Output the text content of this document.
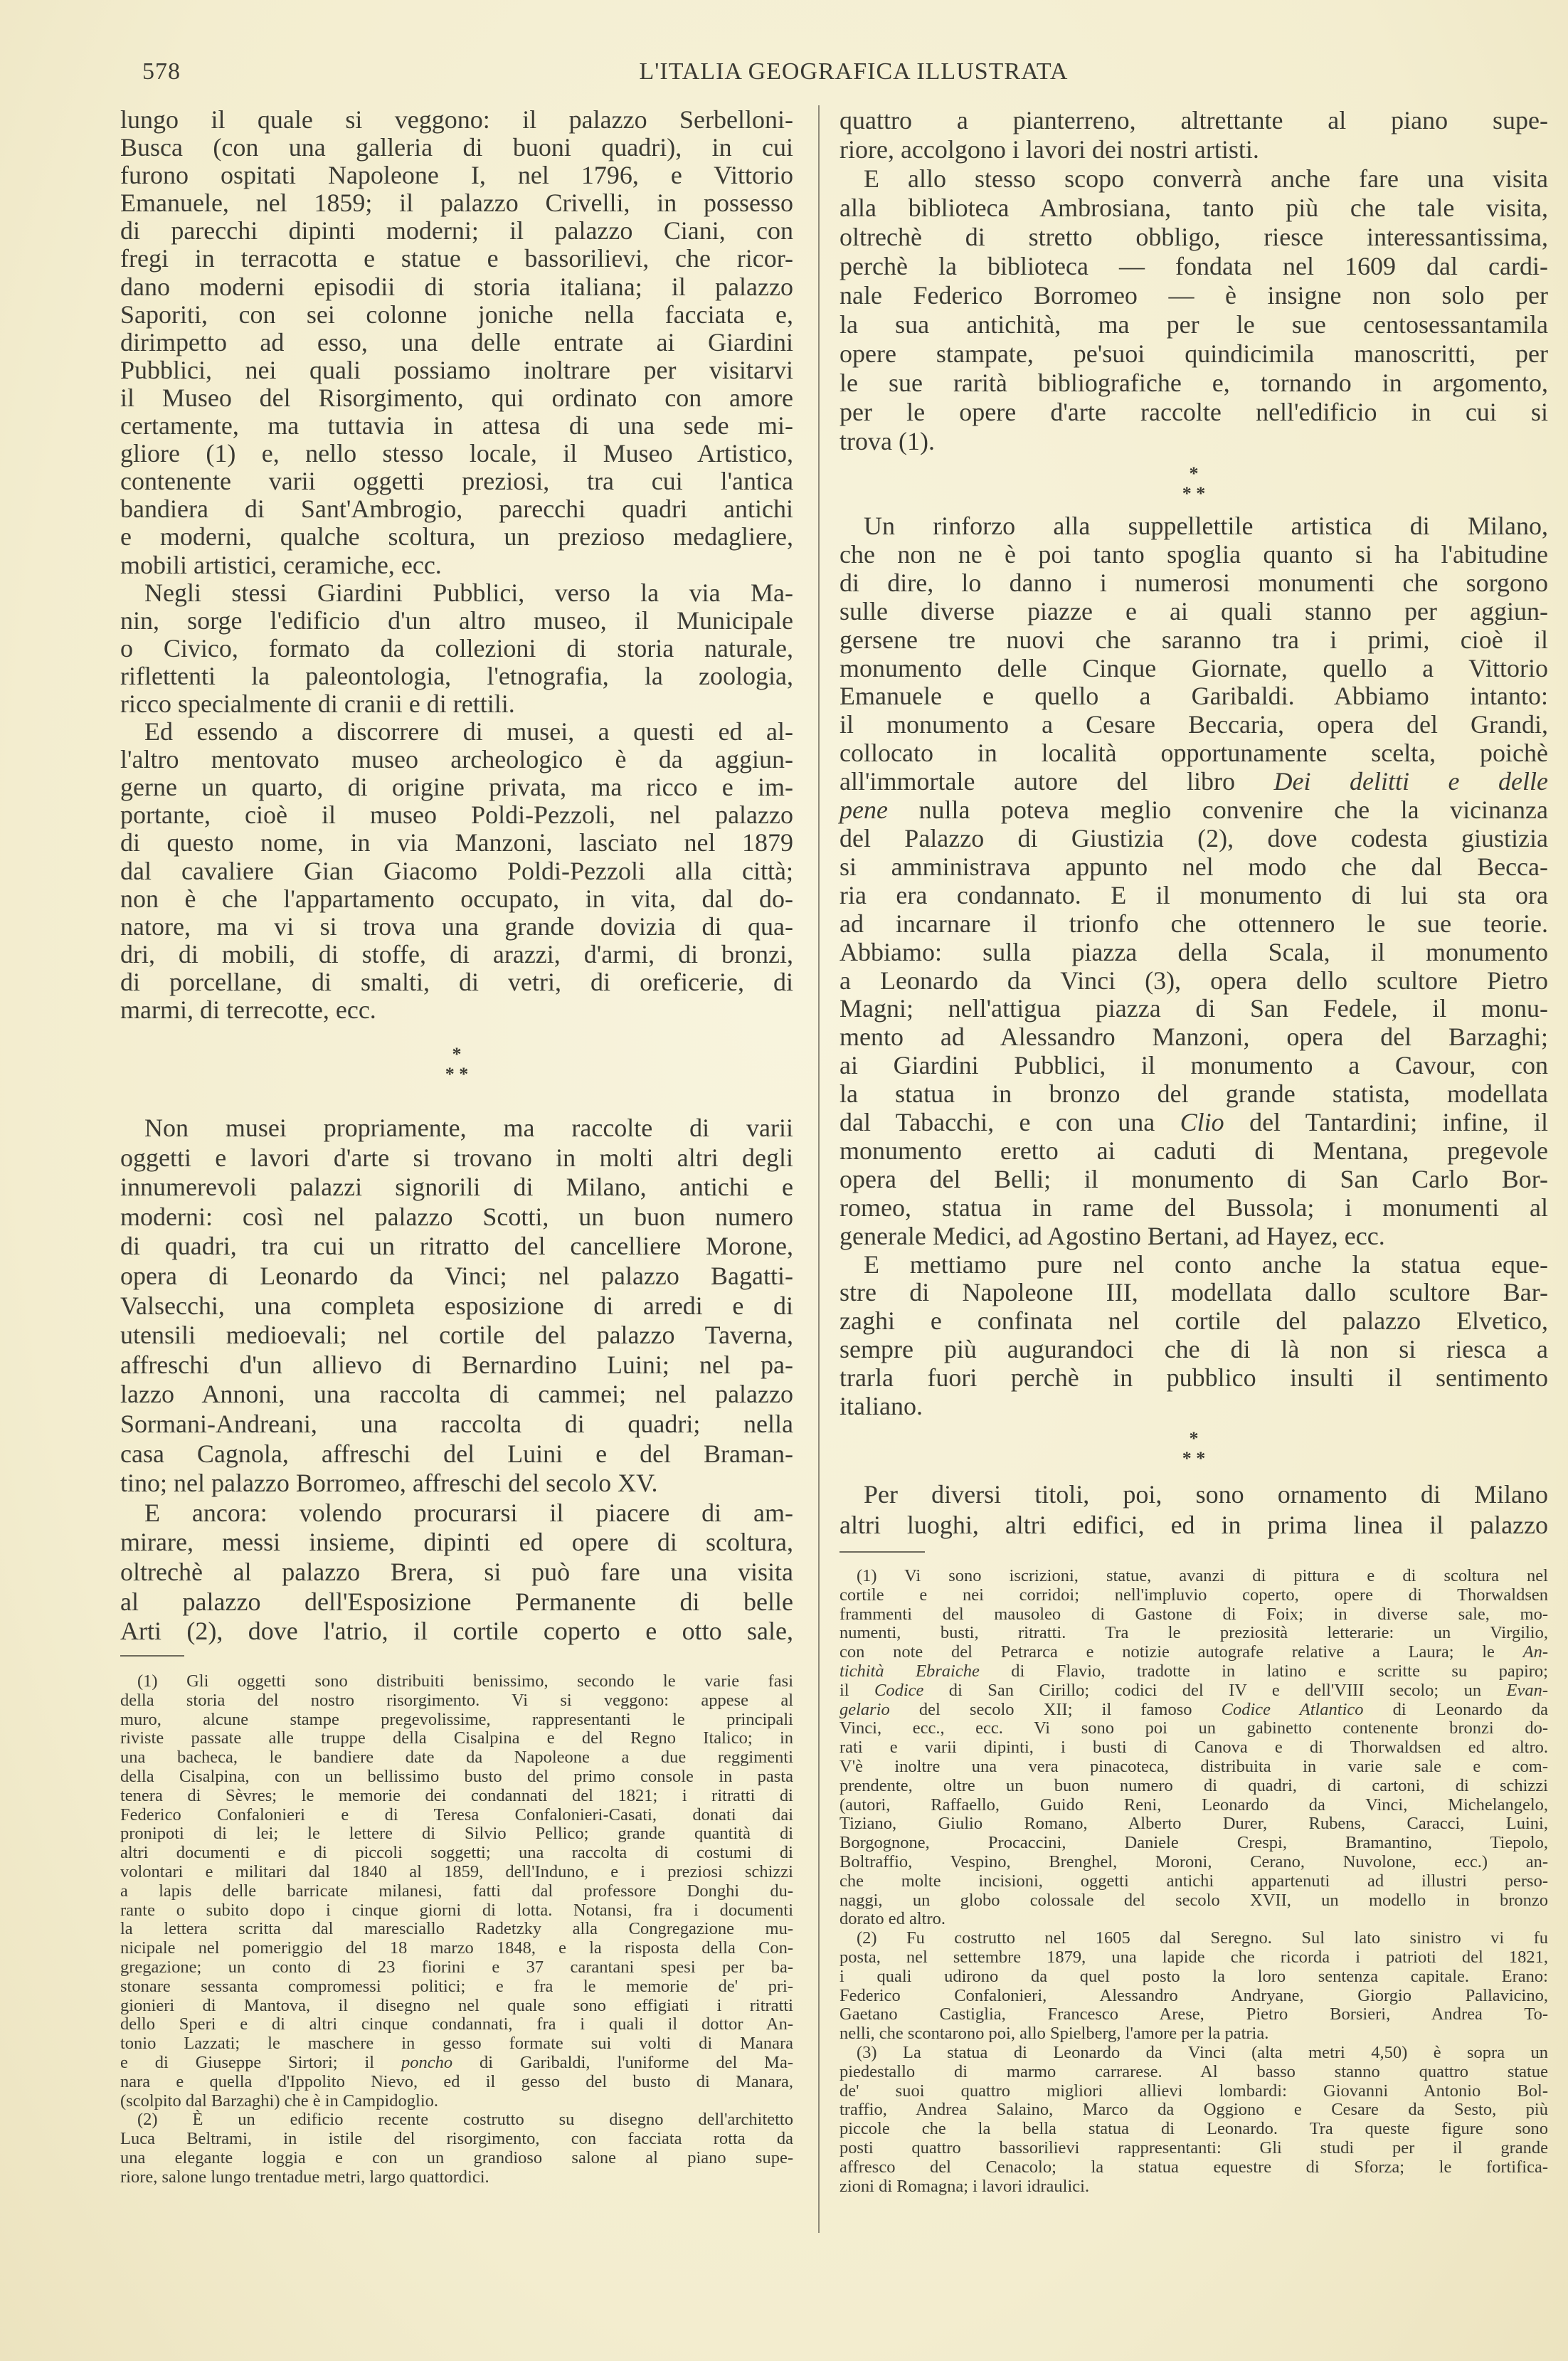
578	L'ITALIA GEOGRAFICA ILLUSTRATA
lungo il quale si veggono: il palazzo Serbelloni-
Busca (con una galleria di buoni quadri), in cui
furono ospitati Napoleone I, nel 1796, e Vittorio
Emanuele, nel 1859; il palazzo Crivelli, in possesso
di parecchi dipinti moderni; il palazzo Ciani, con
fregi in terracotta e statue e bassorilievi, che ricor-
dano moderni episodii di storia italiana; il palazzo
Saporiti, con sei colonne joniche nella facciata e,
dirimpetto ad esso, una delle entrate ai Giardini
Pubblici, nei quali possiamo inoltrare per visitarvi
il Museo del Risorgimento, qui ordinato con amore
certamente, ma tuttavia in attesa di una sede mi-
gliore (1) e, nello stesso locale, il Museo Artistico,
contenente varii oggetti preziosi, tra cui l'antica
bandiera di Sant'Ambrogio, parecchi quadri antichi
e moderni, qualche scoltura, un prezioso medagliere,
mobili artistici, ceramiche, ecc.
Negli stessi Giardini Pubblici, verso la via Ma-
nin, sorge l'edificio d'un altro museo, il Municipale
o Civico, formato da collezioni di storia naturale,
riflettenti la paleontologia, l'etnografia, la zoologia,
ricco specialmente di cranii e di rettili.
Ed essendo a discorrere di musei, a questi ed al-
l'altro mentovato museo archeologico è da aggiun-
gerne un quarto, di origine privata, ma ricco e im-
portante, cioè il museo Poldi-Pezzoli, nel palazzo
di questo nome, in via Manzoni, lasciato nel 1879
dal cavaliere Gian Giacomo Poldi-Pezzoli alla città;
non è che l'appartamento occupato, in vita, dal do-
natore, ma vi si trova una grande dovizia di qua-
dri, di mobili, di stoffe, di arazzi, d'armi, di bronzi,
di porcellane, di smalti, di vetri, di oreficerie, di
marmi, di terrecotte, ecc.
*
* *
Non musei propriamente, ma raccolte di varii
oggetti e lavori d'arte si trovano in molti altri degli
innumerevoli palazzi signorili di Milano, antichi e
moderni: così nel palazzo Scotti, un buon numero
di quadri, tra cui un ritratto del cancelliere Morone,
opera di Leonardo da Vinci; nel palazzo Bagatti-
Valsecchi, una completa esposizione di arredi e di
utensili medioevali; nel cortile del palazzo Taverna,
affreschi d'un allievo di Bernardino Luini; nel pa-
lazzo Annoni, una raccolta di cammei; nel palazzo
Sormani-Andreani, una raccolta di quadri; nella
casa Cagnola, affreschi del Luini e del Braman-
tino; nel palazzo Borromeo, affreschi del secolo XV.
E ancora: volendo procurarsi il piacere di am-
mirare, messi insieme, dipinti ed opere di scoltura,
oltrechè al palazzo Brera, si può fare una visita
al palazzo dell'Esposizione Permanente di belle
Arti (2), dove l'atrio, il cortile coperto e otto sale,
quattro a pianterreno, altrettante al piano supe-
riore, accolgono i lavori dei nostri artisti.
E allo stesso scopo converrà anche fare una visita
alla biblioteca Ambrosiana, tanto più che tale visita,
oltrechè di stretto obbligo, riesce interessantissima,
perchè la biblioteca — fondata nel 1609 dal cardi-
nale Federico Borromeo — è insigne non solo per
la sua antichità, ma per le sue centosessantamila
opere stampate, pe'suoi quindicimila manoscritti, per
le sue rarità bibliografiche e, tornando in argomento,
per le opere d'arte raccolte nell'edificio in cui si
trova (1).
*
* *
Un rinforzo alla suppellettile artistica di Milano,
che non ne è poi tanto spoglia quanto si ha l'abitudine
di dire, lo danno i numerosi monumenti che sorgono
sulle diverse piazze e ai quali stanno per aggiun-
gersene tre nuovi che saranno tra i primi, cioè il
monumento delle Cinque Giornate, quello a Vittorio
Emanuele e quello a Garibaldi. Abbiamo intanto:
il monumento a Cesare Beccaria, opera del Grandi,
collocato in località opportunamente scelta, poichè
all'immortale autore del libro Dei delitti e delle
pene nulla poteva meglio convenire che la vicinanza
del Palazzo di Giustizia (2), dove codesta giustizia
si amministrava appunto nel modo che dal Becca-
ria era condannato. E il monumento di lui sta ora
ad incarnare il trionfo che ottennero le sue teorie.
Abbiamo: sulla piazza della Scala, il monumento
a Leonardo da Vinci (3), opera dello scultore Pietro
Magni; nell'attigua piazza di San Fedele, il monu-
mento ad Alessandro Manzoni, opera del Barzaghi;
ai Giardini Pubblici, il monumento a Cavour, con
la statua in bronzo del grande statista, modellata
dal Tabacchi, e con una Clio del Tantardini; infine, il
monumento eretto ai caduti di Mentana, pregevole
opera del Belli; il monumento di San Carlo Bor-
romeo, statua in rame del Bussola; i monumenti al
generale Medici, ad Agostino Bertani, ad Hayez, ecc.
E mettiamo pure nel conto anche la statua eque-
stre di Napoleone III, modellata dallo scultore Bar-
zaghi e confinata nel cortile del palazzo Elvetico,
sempre più augurandoci che di là non si riesca a
trarla fuori perchè in pubblico insulti il sentimento
italiano.
*
* *
Per diversi titoli, poi, sono ornamento di Milano
altri luoghi, altri edifici, ed in prima linea il palazzo
(1) Gli oggetti sono distribuiti benissimo, secondo le varie fasi
della storia del nostro risorgimento. Vi si veggono: appese al
muro, alcune stampe pregevolissime, rappresentanti le principali
riviste passate alle truppe della Cisalpina e del Regno Italico; in
una bacheca, le bandiere date da Napoleone a due reggimenti
della Cisalpina, con un bellissimo busto del primo console in pasta
tenera di Sèvres; le memorie dei condannati del 1821; i ritratti di
Federico Confalonieri e di Teresa Confalonieri-Casati, donati dai
pronipoti di lei; le lettere di Silvio Pellico; grande quantità di
altri documenti e di piccoli soggetti; una raccolta di costumi di
volontari e militari dal 1840 al 1859, dell'Induno, e i preziosi schizzi
a lapis delle barricate milanesi, fatti dal professore Donghi du-
rante o subito dopo i cinque giorni di lotta. Notansi, fra i documenti
la lettera scritta dal maresciallo Radetzky alla Congregazione mu-
nicipale nel pomeriggio del 18 marzo 1848, e la risposta della Con-
gregazione; un conto di 23 fiorini e 37 carantani spesi per ba-
stonare sessanta compromessi politici; e fra le memorie de' pri-
gionieri di Mantova, il disegno nel quale sono effigiati i ritratti
dello Speri e di altri cinque condannati, fra i quali il dottor An-
tonio Lazzati; le maschere in gesso formate sui volti di Manara
e di Giuseppe Sirtori; il poncho di Garibaldi, l'uniforme del Ma-
nara e quella d'Ippolito Nievo, ed il gesso del busto di Manara,
(scolpito dal Barzaghi) che è in Campidoglio.
(2) È un edificio recente costrutto su disegno dell'architetto
Luca Beltrami, in istile del risorgimento, con facciata rotta da
una elegante loggia e con un grandioso salone al piano supe-
riore, salone lungo trentadue metri, largo quattordici.
(1) Vi sono iscrizioni, statue, avanzi di pittura e di scoltura nel
cortile e nei corridoi; nell'impluvio coperto, opere di Thorwaldsen
frammenti del mausoleo di Gastone di Foix; in diverse sale, mo-
numenti, busti, ritratti. Tra le preziosità letterarie: un Virgilio,
con note del Petrarca e notizie autografe relative a Laura; le An-
tichità Ebraiche di Flavio, tradotte in latino e scritte su papiro;
il Codice di San Cirillo; codici del IV e dell'VIII secolo; un Evan-
gelario del secolo XII; il famoso Codice Atlantico di Leonardo da
Vinci, ecc., ecc. Vi sono poi un gabinetto contenente bronzi do-
rati e varii dipinti, i busti di Canova e di Thorwaldsen ed altro.
V'è inoltre una vera pinacoteca, distribuita in varie sale e com-
prendente, oltre un buon numero di quadri, di cartoni, di schizzi
(autori, Raffaello, Guido Reni, Leonardo da Vinci, Michelangelo,
Tiziano, Giulio Romano, Alberto Durer, Rubens, Caracci, Luini,
Borgognone, Procaccini, Daniele Crespi, Bramantino, Tiepolo,
Boltraffio, Vespino, Brenghel, Moroni, Cerano, Nuvolone, ecc.) an-
che molte incisioni, oggetti antichi appartenuti ad illustri perso-
naggi, un globo colossale del secolo XVII, un modello in bronzo
dorato ed altro.
(2) Fu costrutto nel 1605 dal Seregno. Sul lato sinistro vi fu
posta, nel settembre 1879, una lapide che ricorda i patrioti del 1821,
i quali udirono da quel posto la loro sentenza capitale. Erano:
Federico Confalonieri, Alessandro Andryane, Giorgio Pallavicino,
Gaetano Castiglia, Francesco Arese, Pietro Borsieri, Andrea To-
nelli, che scontarono poi, allo Spielberg, l'amore per la patria.
(3) La statua di Leonardo da Vinci (alta metri 4,50) è sopra un
piedestallo di marmo carrarese. Al basso stanno quattro statue
de' suoi quattro migliori allievi lombardi: Giovanni Antonio Bol-
traffio, Andrea Salaino, Marco da Oggiono e Cesare da Sesto, più
piccole che la bella statua di Leonardo. Tra queste figure sono
posti quattro bassorilievi rappresentanti: Gli studi per il grande
affresco del Cenacolo; la statua equestre di Sforza; le fortifica-
zioni di Romagna; i lavori idraulici.
